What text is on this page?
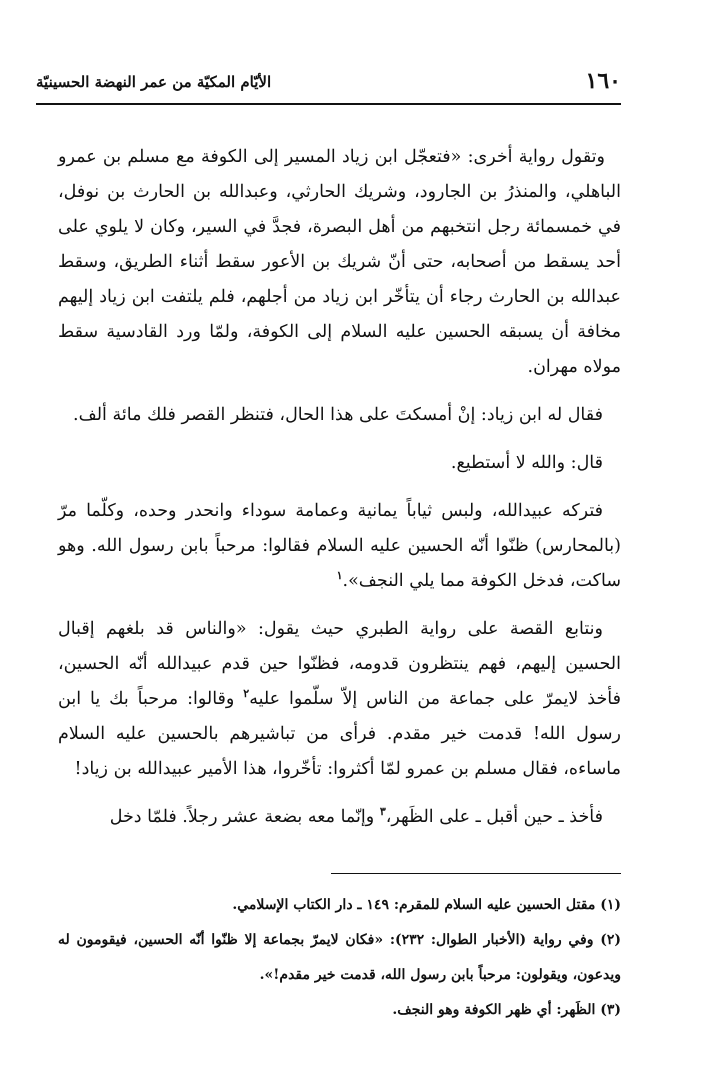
١٦٠
الأيّام المكيّة من عمر النهضة الحسينيّة

وتقول رواية أخرى: «فتعجّل ابن زياد المسير إلى الكوفة مع مسلم بن عمرو الباهلي، والمنذرُ بن الجارود، وشريك الحارثي، وعبدالله بن الحارث بن نوفل، في خمسمائة رجل انتخبهم من أهل البصرة، فجدَّ في السير، وكان لا يلوي على أحد يسقط من أصحابه، حتى أنّ شريك بن الأعور سقط أثناء الطريق، وسقط عبدالله بن الحارث رجاء أن يتأخّر ابن زياد من أجلهم، فلم يلتفت ابن زياد إليهم مخافة أن يسبقه الحسين عليه السلام إلى الكوفة، ولمّا ورد القادسية سقط مولاه مهران.

فقال له ابن زياد: إنْ أمسكتَ على هذا الحال، فتنظر القصر فلك مائة ألف.

قال: والله لا أستطيع.

فتركه عبيدالله، ولبس ثياباً يمانية وعمامة سوداء وانحدر وحده، وكلّما مرّ (بالمحارس) ظنّوا أنّه الحسين عليه السلام فقالوا: مرحباً بابن رسول الله. وهو ساكت، فدخل الكوفة مما يلي النجف».$^١$

ونتابع القصة على رواية الطبري حيث يقول: «والناس قد بلغهم إقبال الحسين إليهم، فهم ينتظرون قدومه، فظنّوا حين قدم عبيدالله أنّه الحسين، فأخذ لايمرّ على جماعة من الناس إلاّ سلّموا عليه$^٢$ وقالوا: مرحباً بك يا ابن رسول الله! قدمت خير مقدم. فرأى من تباشيرهم بالحسين عليه السلام ماساءه، فقال مسلم بن عمرو لمّا أكثروا: تأخّروا، هذا الأمير عبيدالله بن زياد!

فأخذ ـ حين أقبل ـ على الظَهر،$^٣$ وإنّما معه بضعة عشر رجلاً. فلمّا دخل

(١) مقتل الحسين عليه السلام للمقرم: ١٤٩ ـ دار الكتاب الإسلامي.

(٢) وفي رواية (الأخبار الطوال: ٢٣٢): «فكان لايمرّ بجماعة إلا ظنّوا أنّه الحسين، فيقومون له ويدعون، ويقولون: مرحباً بابن رسول الله، قدمت خير مقدم!».

(٣) الظَهر: أي ظهر الكوفة وهو النجف.
